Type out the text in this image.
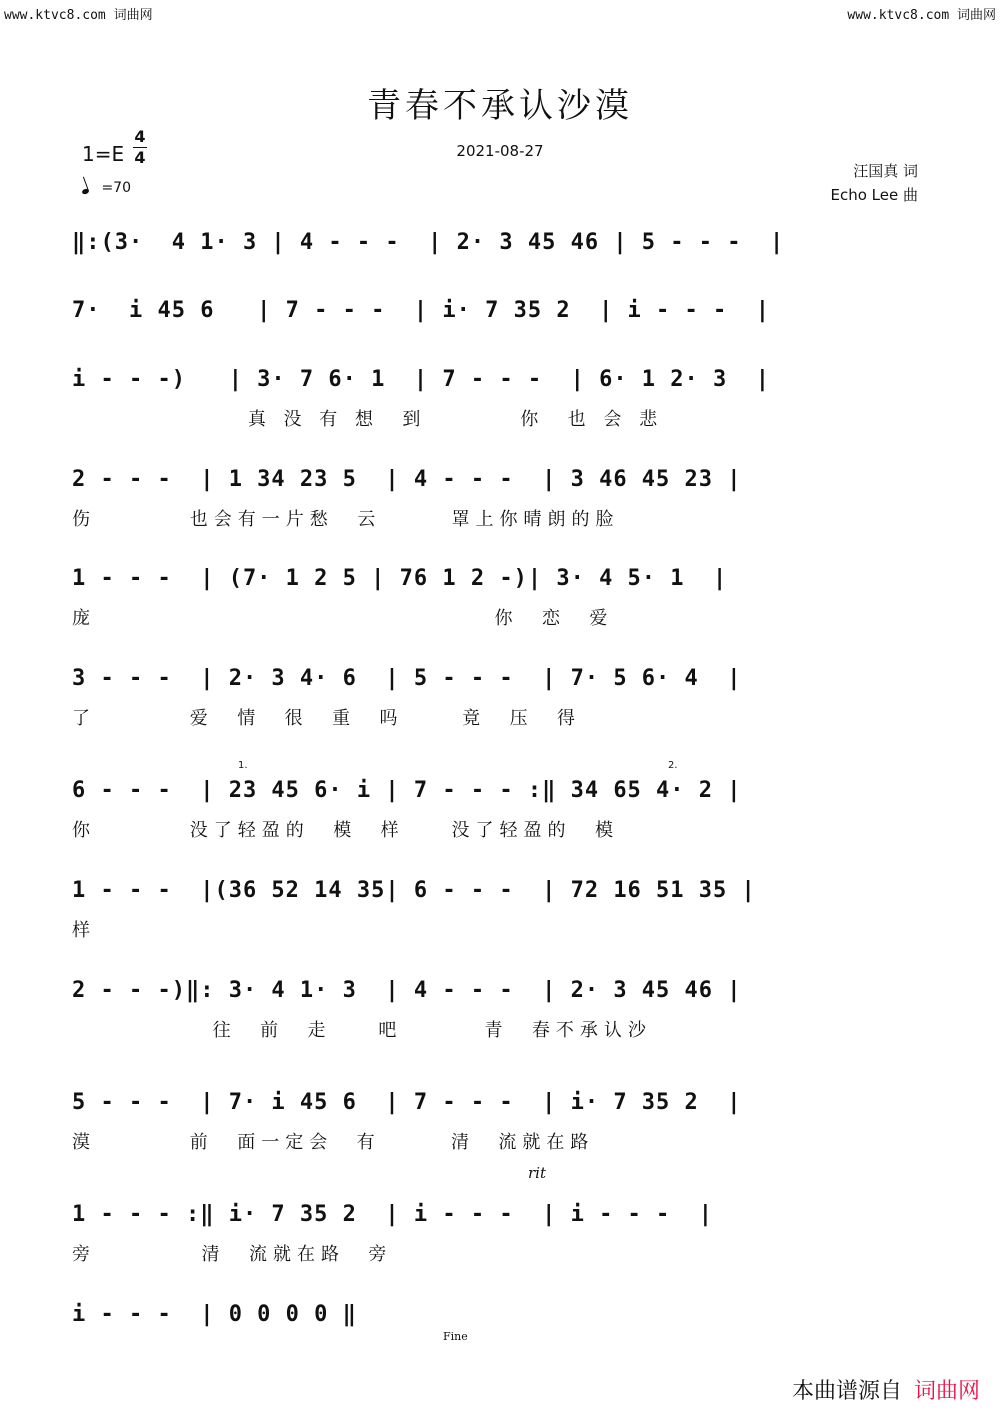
www.ktvc8.com 词曲网	www.ktvc8.com 词曲网
青春不承认沙漠
2021-08-27
1=E
4
4
=70
汪国真 词
Echo Lee 曲
‖:(3·  4 1· 3 | 4 - - -  | 2· 3 45 46 | 5 - - -  |
7·  i 45 6   | 7 - - -  | i· 7 35 2  | i - - -  |
i - - -)   | 3· 7 6· 1  | 7 - - -  | 6· 1 2· 3  |
真 没 有 想  到        你  也 会 悲
2 - - -  | 1 34 23 5  | 4 - - -  | 3 46 45 23 |
伤        也会有一片愁  云      罩上你晴朗的脸
1 - - -  | (7· 1 2 5 | 76 1 2 -)| 3· 4 5· 1  |
庞                                  你  恋  爱
3 - - -  | 2· 3 4· 6  | 5 - - -  | 7· 5 6· 4  |
了        爱  情  很  重  吗     竟  压  得
1.	2.
6 - - -  | 23 45 6· i | 7 - - - :‖ 34 65 4· 2 |
你        没了轻盈的  模  样    没了轻盈的  模
1 - - -  |(36 52 14 35| 6 - - -  | 72 16 51 35 |
样
2 - - -)‖: 3· 4 1· 3  | 4 - - -  | 2· 3 45 46 |
往  前  走    吧       青  春不承认沙
5 - - -  | 7· i 45 6  | 7 - - -  | i· 7 35 2  |
漠        前  面一定会  有      清  流就在路
rit
1 - - - :‖ i· 7 35 2  | i - - -  | i - - -  |
旁         清  流就在路  旁
i - - -  | 0 0 0 0 ‖
Fine
本曲谱源自 词曲网
